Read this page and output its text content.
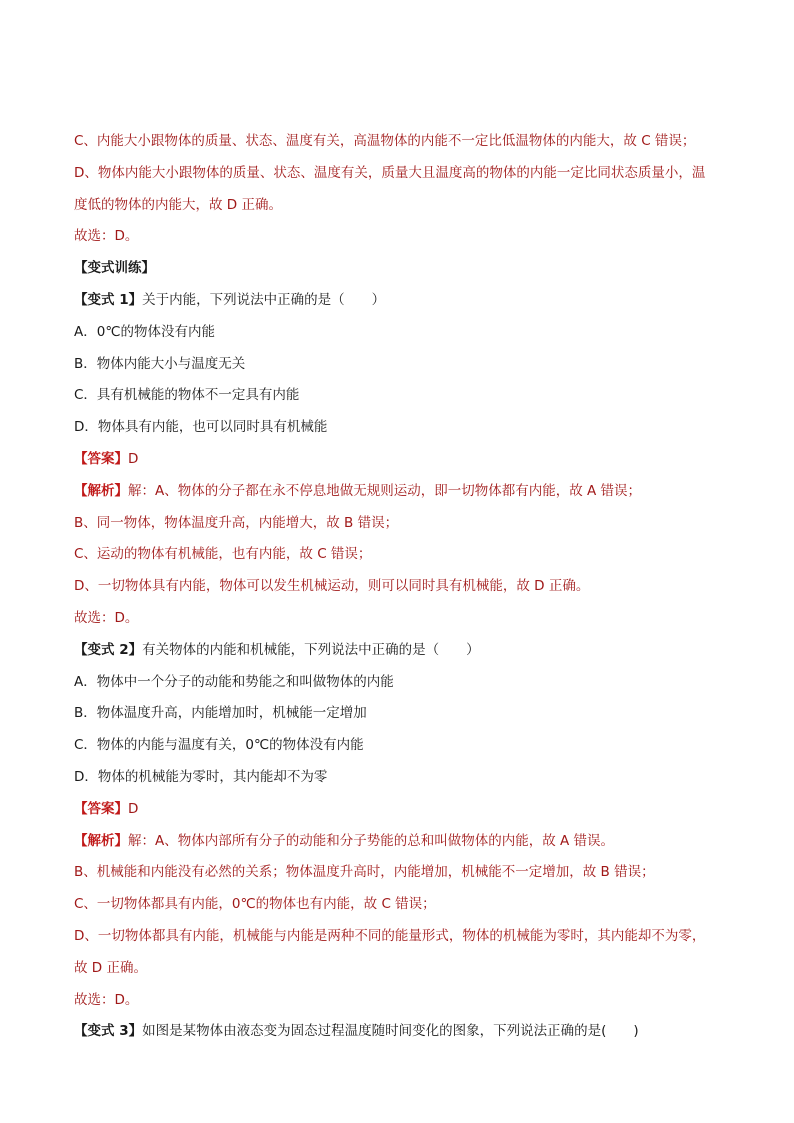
C、内能大小跟物体的质量、状态、温度有关，高温物体的内能不一定比低温物体的内能大，故 C 错误；
D、物体内能大小跟物体的质量、状态、温度有关，质量大且温度高的物体的内能一定比同状态质量小，温
度低的物体的内能大，故 D 正确。
故选：D。
【变式训练】
【变式 1】关于内能，下列说法中正确的是（　　）
A．0℃的物体没有内能
B．物体内能大小与温度无关
C．具有机械能的物体不一定具有内能
D．物体具有内能，也可以同时具有机械能
【答案】D
【解析】解：A、物体的分子都在永不停息地做无规则运动，即一切物体都有内能，故 A 错误；
B、同一物体，物体温度升高，内能增大，故 B 错误；
C、运动的物体有机械能，也有内能，故 C 错误；
D、一切物体具有内能，物体可以发生机械运动，则可以同时具有机械能，故 D 正确。
故选：D。
【变式 2】有关物体的内能和机械能，下列说法中正确的是（　　）
A．物体中一个分子的动能和势能之和叫做物体的内能
B．物体温度升高，内能增加时，机械能一定增加
C．物体的内能与温度有关，0℃的物体没有内能
D．物体的机械能为零时，其内能却不为零
【答案】D
【解析】解：A、物体内部所有分子的动能和分子势能的总和叫做物体的内能，故 A 错误。
B、机械能和内能没有必然的关系；物体温度升高时，内能增加，机械能不一定增加，故 B 错误；
C、一切物体都具有内能，0℃的物体也有内能，故 C 错误；
D、一切物体都具有内能，机械能与内能是两种不同的能量形式，物体的机械能为零时，其内能却不为零，
故 D 正确。
故选：D。
【变式 3】如图是某物体由液态变为固态过程温度随时间变化的图象，下列说法正确的是(　　)
